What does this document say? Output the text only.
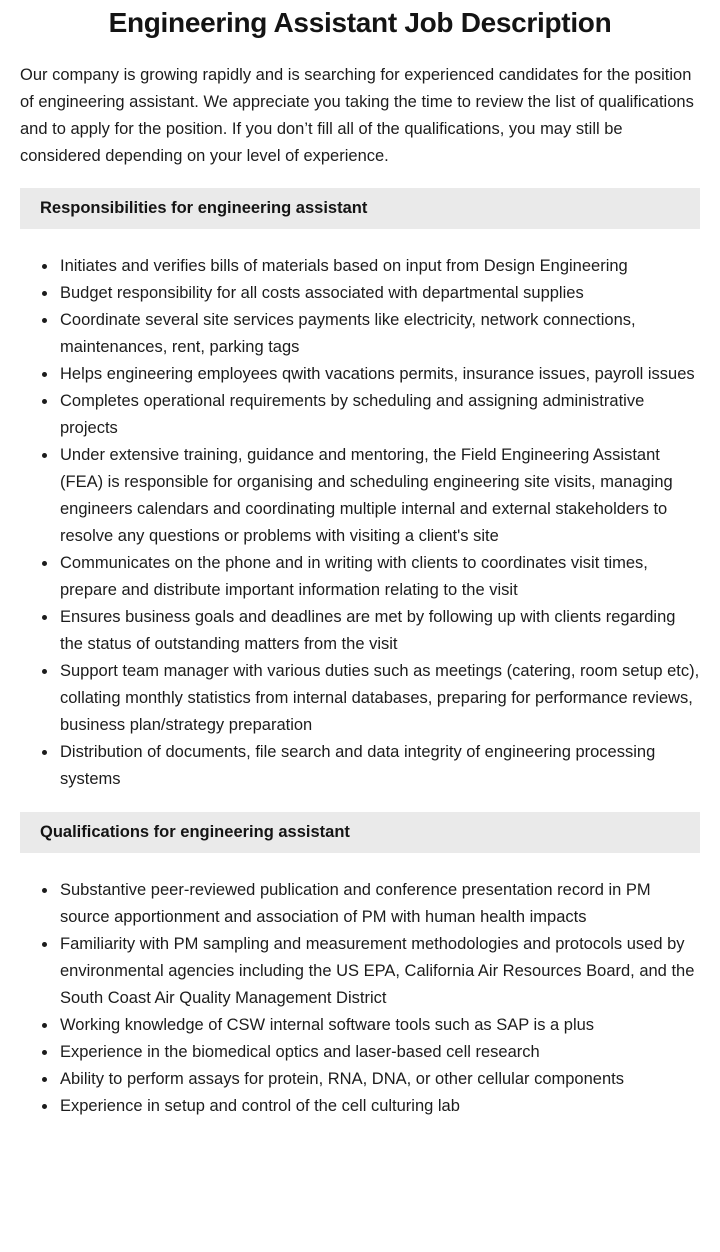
Engineering Assistant Job Description

Our company is growing rapidly and is searching for experienced candidates for the position of engineering assistant. We appreciate you taking the time to review the list of qualifications and to apply for the position. If you don’t fill all of the qualifications, you may still be considered depending on your level of experience.

Responsibilities for engineering assistant
• Initiates and verifies bills of materials based on input from Design Engineering
• Budget responsibility for all costs associated with departmental supplies
• Coordinate several site services payments like electricity, network connections, maintenances, rent, parking tags
• Helps engineering employees qwith vacations permits, insurance issues, payroll issues
• Completes operational requirements by scheduling and assigning administrative projects
• Under extensive training, guidance and mentoring, the Field Engineering Assistant (FEA) is responsible for organising and scheduling engineering site visits, managing engineers calendars and coordinating multiple internal and external stakeholders to resolve any questions or problems with visiting a client's site
• Communicates on the phone and in writing with clients to coordinates visit times, prepare and distribute important information relating to the visit
• Ensures business goals and deadlines are met by following up with clients regarding the status of outstanding matters from the visit
• Support team manager with various duties such as meetings (catering, room setup etc), collating monthly statistics from internal databases, preparing for performance reviews, business plan/strategy preparation
• Distribution of documents, file search and data integrity of engineering processing systems
Qualifications for engineering assistant
• Substantive peer-reviewed publication and conference presentation record in PM source apportionment and association of PM with human health impacts
• Familiarity with PM sampling and measurement methodologies and protocols used by environmental agencies including the US EPA, California Air Resources Board, and the South Coast Air Quality Management District
• Working knowledge of CSW internal software tools such as SAP is a plus
• Experience in the biomedical optics and laser-based cell research
• Ability to perform assays for protein, RNA, DNA, or other cellular components
• Experience in setup and control of the cell culturing lab
